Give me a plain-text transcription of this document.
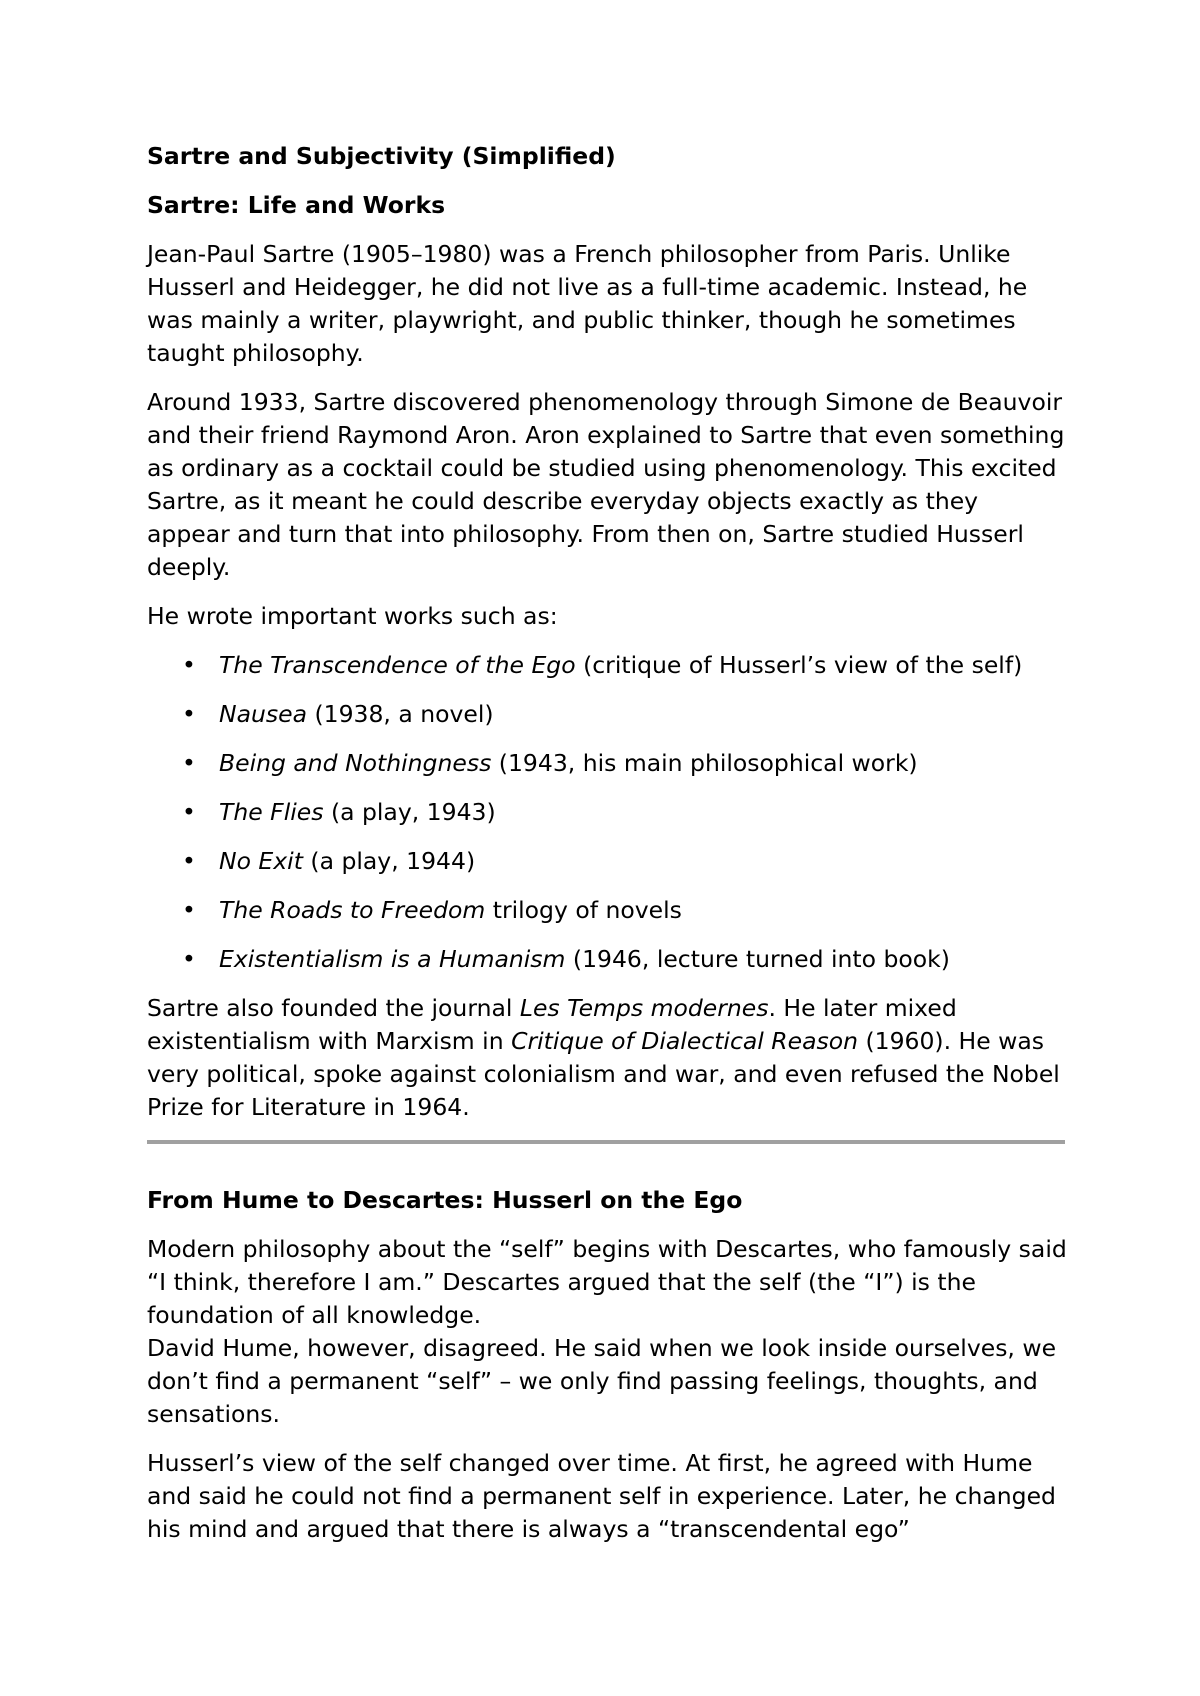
Sartre and Subjectivity (Simplified)
Sartre: Life and Works

Jean-Paul Sartre (1905–1980) was a French philosopher from Paris. Unlike Husserl and Heidegger, he did not live as a full-time academic. Instead, he was mainly a writer, playwright, and public thinker, though he sometimes taught philosophy.

Around 1933, Sartre discovered phenomenology through Simone de Beauvoir and their friend Raymond Aron. Aron explained to Sartre that even something as ordinary as a cocktail could be studied using phenomenology. This excited Sartre, as it meant he could describe everyday objects exactly as they appear and turn that into philosophy. From then on, Sartre studied Husserl deeply.

He wrote important works such as:

• The Transcendence of the Ego (critique of Husserl’s view of the self)
• Nausea (1938, a novel)
• Being and Nothingness (1943, his main philosophical work)
• The Flies (a play, 1943)
• No Exit (a play, 1944)
• The Roads to Freedom trilogy of novels
• Existentialism is a Humanism (1946, lecture turned into book)

Sartre also founded the journal Les Temps modernes. He later mixed existentialism with Marxism in Critique of Dialectical Reason (1960). He was very political, spoke against colonialism and war, and even refused the Nobel Prize for Literature in 1964.

From Hume to Descartes: Husserl on the Ego

Modern philosophy about the “self” begins with Descartes, who famously said “I think, therefore I am.” Descartes argued that the self (the “I”) is the foundation of all knowledge.

David Hume, however, disagreed. He said when we look inside ourselves, we don’t find a permanent “self” – we only find passing feelings, thoughts, and sensations.

Husserl’s view of the self changed over time. At first, he agreed with Hume and said he could not find a permanent self in experience. Later, he changed his mind and argued that there is always a “transcendental ego”
